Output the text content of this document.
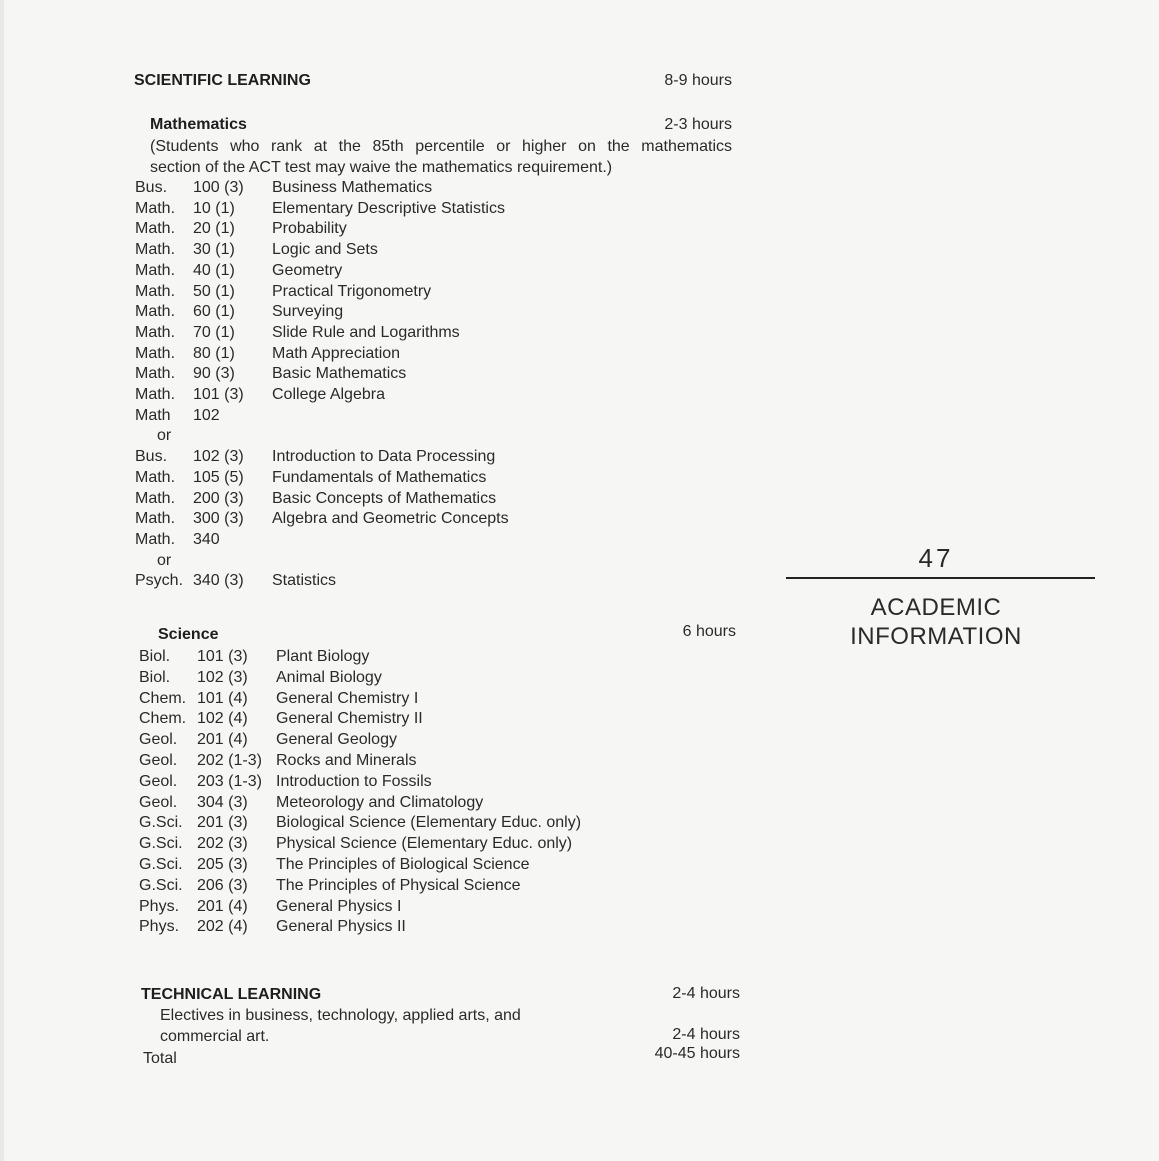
SCIENTIFIC LEARNING	8-9 hours
Mathematics	2-3 hours
(Students who rank at the 85th percentile or higher on the mathematics
section of the ACT test may waive the mathematics requirement.)
Bus. 100 (3) Business Mathematics
Math. 10 (1) Elementary Descriptive Statistics
Math. 20 (1) Probability
Math. 30 (1) Logic and Sets
Math. 40 (1) Geometry
Math. 50 (1) Practical Trigonometry
Math. 60 (1) Surveying
Math. 70 (1) Slide Rule and Logarithms
Math. 80 (1) Math Appreciation
Math. 90 (3) Basic Mathematics
Math. 101 (3) College Algebra
Math 102
or
Bus. 102 (3) Introduction to Data Processing
Math. 105 (5) Fundamentals of Mathematics
Math. 200 (3) Basic Concepts of Mathematics
Math. 300 (3) Algebra and Geometric Concepts
Math. 340
or
Psych. 340 (3) Statistics
Science	6 hours
Biol. 101 (3) Plant Biology
Biol. 102 (3) Animal Biology
Chem. 101 (4) General Chemistry I
Chem. 102 (4) General Chemistry II
Geol. 201 (4) General Geology
Geol. 202 (1-3) Rocks and Minerals
Geol. 203 (1-3) Introduction to Fossils
Geol. 304 (3) Meteorology and Climatology
G.Sci. 201 (3) Biological Science (Elementary Educ. only)
G.Sci. 202 (3) Physical Science (Elementary Educ. only)
G.Sci. 205 (3) The Principles of Biological Science
G.Sci. 206 (3) The Principles of Physical Science
Phys. 201 (4) General Physics I
Phys. 202 (4) General Physics II
TECHNICAL LEARNING	2-4 hours
Electives in business, technology, applied arts, and
commercial art.	2-4 hours
Total	40-45 hours
47
ACADEMIC
INFORMATION
